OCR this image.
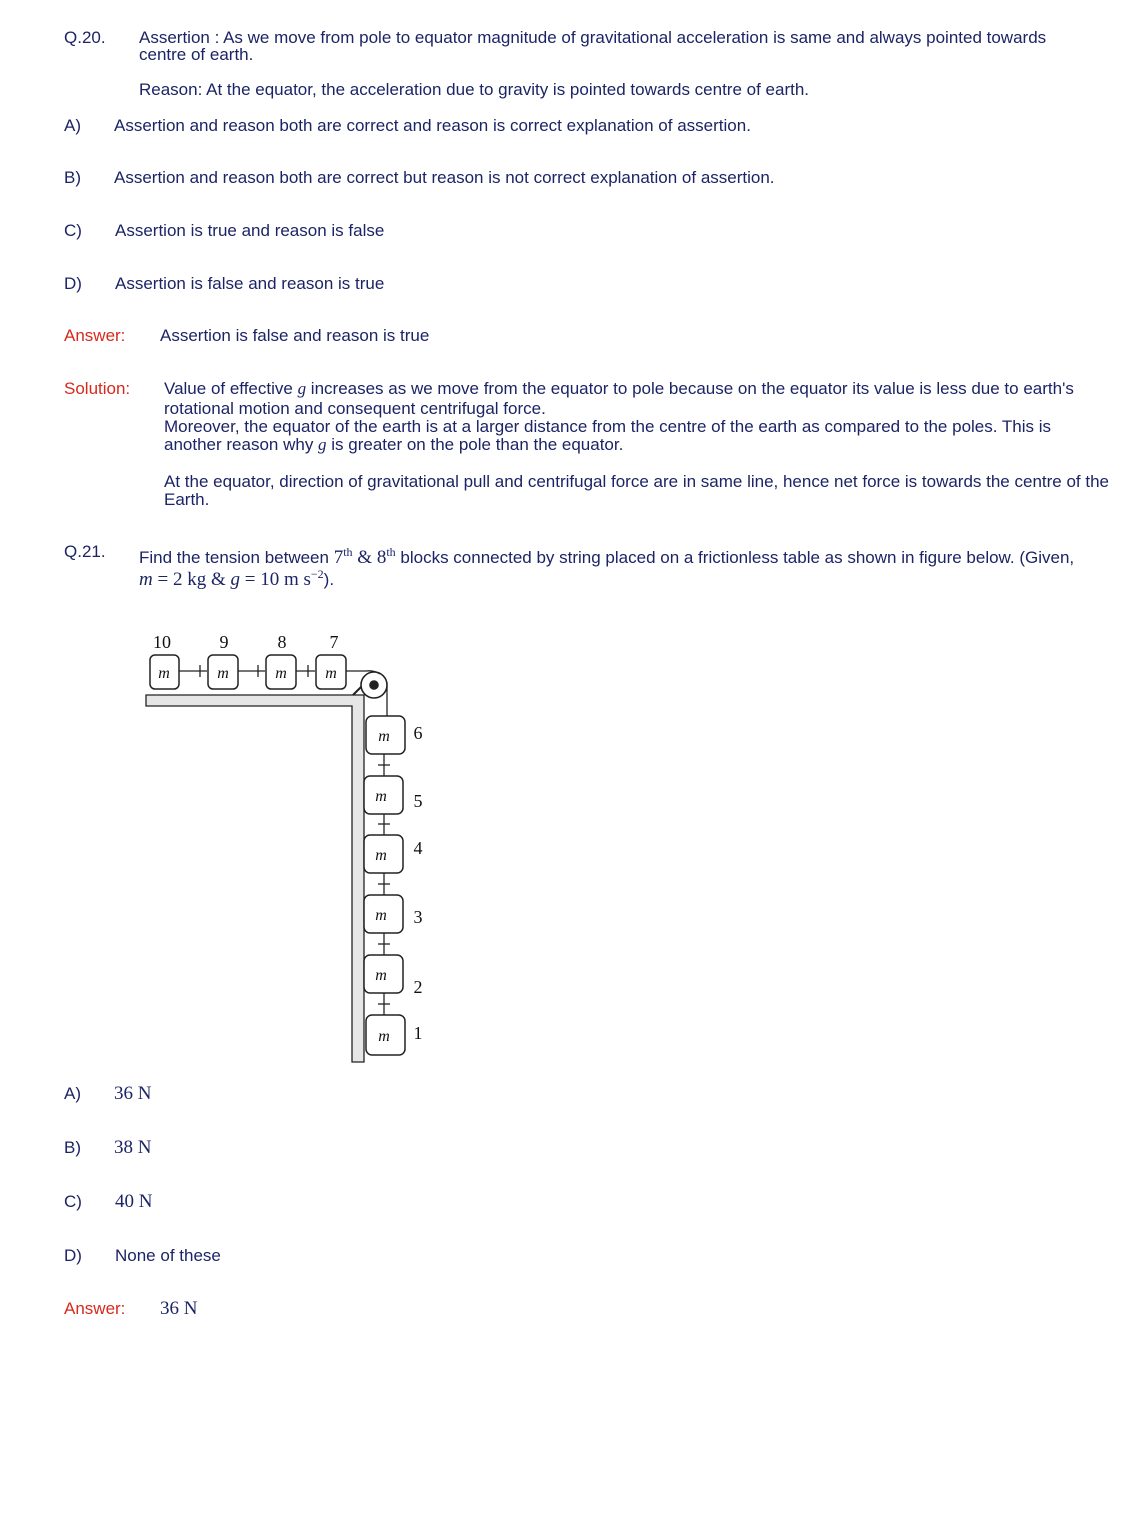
Q.20. Assertion : As we move from pole to equator magnitude of gravitational acceleration is same and always pointed towards
centre of earth.
Reason: At the equator, the acceleration due to gravity is pointed towards centre of earth.
A) Assertion and reason both are correct and reason is correct explanation of assertion.
B) Assertion and reason both are correct but reason is not correct explanation of assertion.
C) Assertion is true and reason is false
D) Assertion is false and reason is true
Answer: Assertion is false and reason is true
Solution: Value of effective g increases as we move from the equator to pole because on the equator its value is less due to earth's
rotational motion and consequent centrifugal force.
Moreover, the equator of the earth is at a larger distance from the centre of the earth as compared to the poles. This is
another reason why g is greater on the pole than the equator.
At the equator, direction of gravitational pull and centrifugal force are in same line, hence net force is towards the centre of the
Earth.
Q.21. Find the tension between 7th & 8th blocks connected by string placed on a frictionless table as shown in figure below. (Given,
m = 2 kg & g = 10 m $s^{-2}$).
m	m	m m
10	9	8 7
m
m
m
m
m
m
6
5
4
3
2
1
A) 36 N
B) 38 N
C) 40 N
D) None of these
Answer: 36 N
